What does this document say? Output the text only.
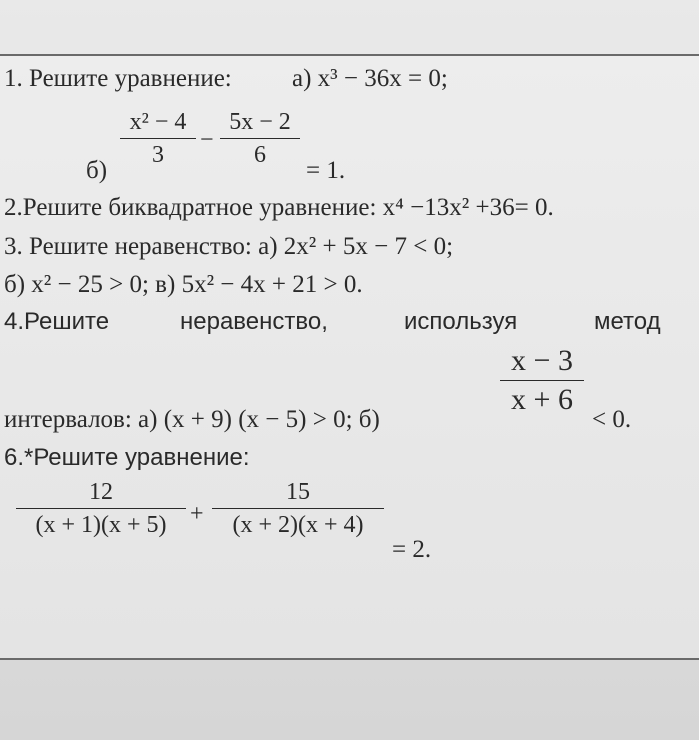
1. Решите уравнение: а) x³ − 36x = 0;
б)
x² − 4
3
−
5x − 2
6
= 1.
2.Решите биквадратное уравнение: x⁴ −13x² +36= 0.
3. Решите неравенство: а) 2x² + 5x − 7 < 0;
б) x² − 25 > 0; в) 5x² − 4x + 21 > 0.
4.Решите	неравенство,	используя	метод
интервалов: а) (x + 9) (x − 5) > 0; б)
x − 3
x + 6
< 0.
6.*Решите уравнение:
12
(x + 1)(x + 5) +
15
(x + 2)(x + 4)
= 2.
